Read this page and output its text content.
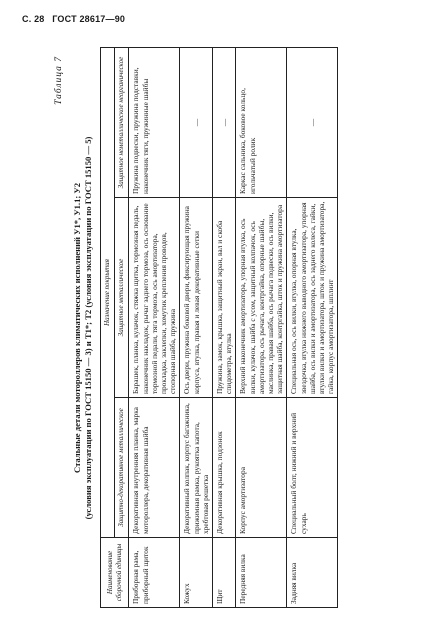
С. 28 ГОСТ 28617—90
Таблица 7
Стальные детали мотороллеров климатических исполнений У1*, У1.1; У2 (условия эксплуатации по ГОСТ 15150 — 3) и Т1*; Т2 (условия эксплуатации по ГОСТ 15150 — 5)
Наименование сборочной единицы	Назначение покрытия		
	Защитно-декоративное металлическое	Защитное металлическое	Защитное неметаллическое неорганическое
Приборная рама, приборный щиток	Декоративная внутренняя планка, марка мотороллера, декоративная шайба	Барашек, планка, кулачок, стяжка щитка, тормозная педаль, наконечник накладок, рычаг заднего тормоза, ось основание тормозной педали, тяга тормоза, ось амортизатора, прокладка, заклепки, хомутик крепления проводов, стопорная шайба, пружина	Пружина подвески, пружина подставки, наконечник тяги, пружинные шайбы
Кожух	Декоративный колпак, корпус багажника, прижимная рамка, рукоятка капота, хребтовая решетка	Ось двери, пружина боковой двери, фиксирующая пружина корпуса, втулка, правая и левая декоративные сетки	—
Щит	Декоративная крышка, подзонок	Пружина, замок, крышка, защитный экран, вал и скоба спидометра, втулка	—
Передняя вилка	Корпус амортизатора	Верхний наконечник амортизатора, упорная втулка, ось вилки, кулачок, шайба с усом, защитный колпачок, ось амортизатора, ось рычага, контргайка, опорные шайбы, маслинка, правая шайба, ось рычага подвески, ось вилки, защитная шайба, контргайка, шток и пружина амортизатора	Каркас сальника, боковое кольцо, игольчатый ролик
Задняя вилка	Специальный болт, нижний и верхний сухарь	Специальная ось, ось вилки, втулка, опорная втулка, звездочка, втулка нижнего выводного амортизатора, упорная шайба, ось вилки и амортизатора, ось заднего колеса, гайки, втулки вилки и амортизатора, шток и пружина амортизатора, гайка, корпус амортизатора, шплинт	—
